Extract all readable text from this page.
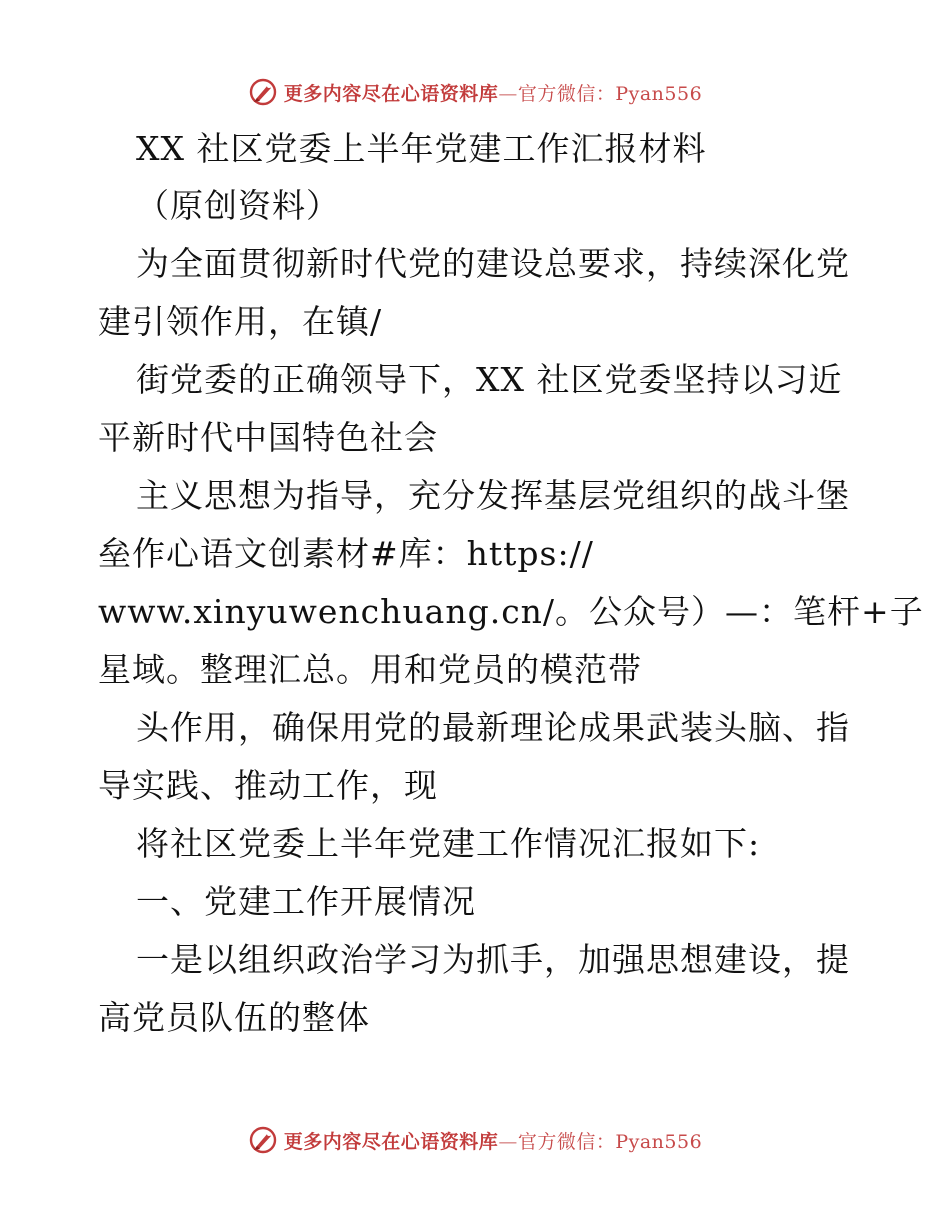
更多内容尽在心语资料库—官方微信：Pyan556
XX 社区党委上半年党建工作汇报材料
（原创资料）
为全面贯彻新时代党的建设总要求，持续深化党
建引领作用，在镇/
街党委的正确领导下，XX 社区党委坚持以习近
平新时代中国特色社会
主义思想为指导，充分发挥基层党组织的战斗堡
垒作心语文创素材#库：https://
www.xinyuwenchuang.cn/。公众号）—：笔杆+子
星域。整理汇总。用和党员的模范带
头作用，确保用党的最新理论成果武装头脑、指
导实践、推动工作，现
将社区党委上半年党建工作情况汇报如下:
一、党建工作开展情况
一是以组织政治学习为抓手，加强思想建设，提
高党员队伍的整体
更多内容尽在心语资料库—官方微信：Pyan556
